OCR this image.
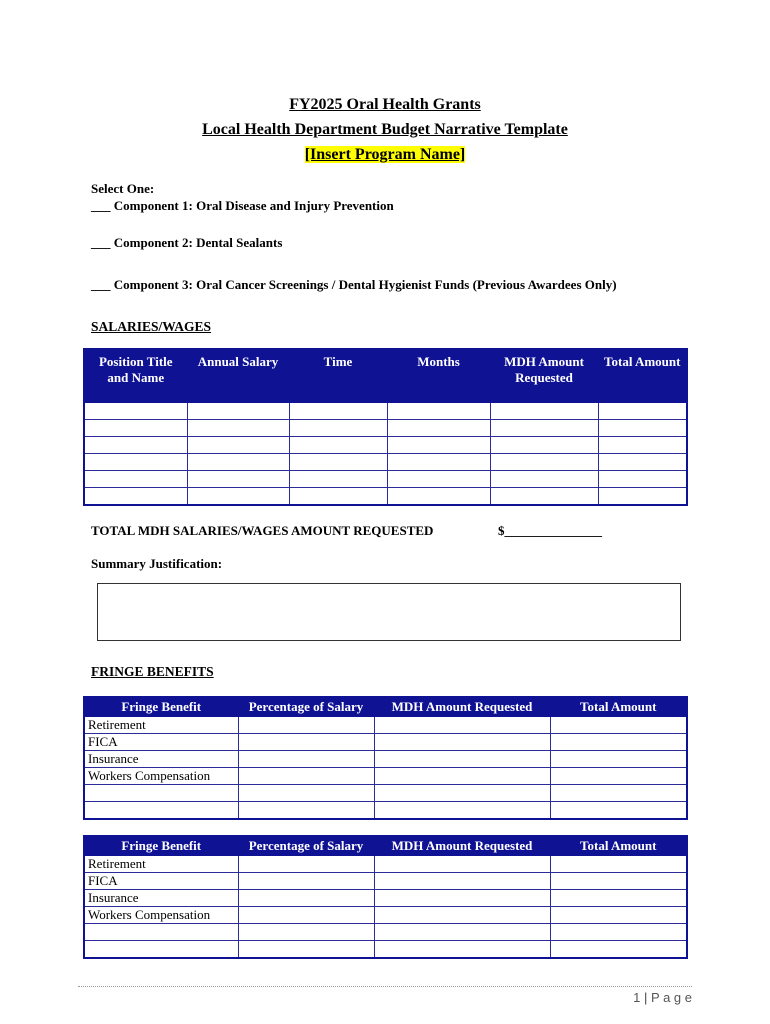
FY2025 Oral Health Grants
Local Health Department Budget Narrative Template
[Insert Program Name]
Select One:
___ Component 1: Oral Disease and Injury Prevention
___ Component 2: Dental Sealants
___ Component 3: Oral Cancer Screenings / Dental Hygienist Funds (Previous Awardees Only)
SALARIES/WAGES
Position Title and Name	Annual Salary	Time	Months	MDH Amount Requested	Total Amount

TOTAL MDH SALARIES/WAGES AMOUNT REQUESTED	$_______________
Summary Justification:
FRINGE BENEFITS
Fringe Benefit	Percentage of Salary	MDH Amount Requested	Total Amount
Retirement			
FICA			
Insurance			
Workers Compensation			

Fringe Benefit	Percentage of Salary	MDH Amount Requested	Total Amount
Retirement			
FICA			
Insurance			
Workers Compensation			

1 | P a g e
